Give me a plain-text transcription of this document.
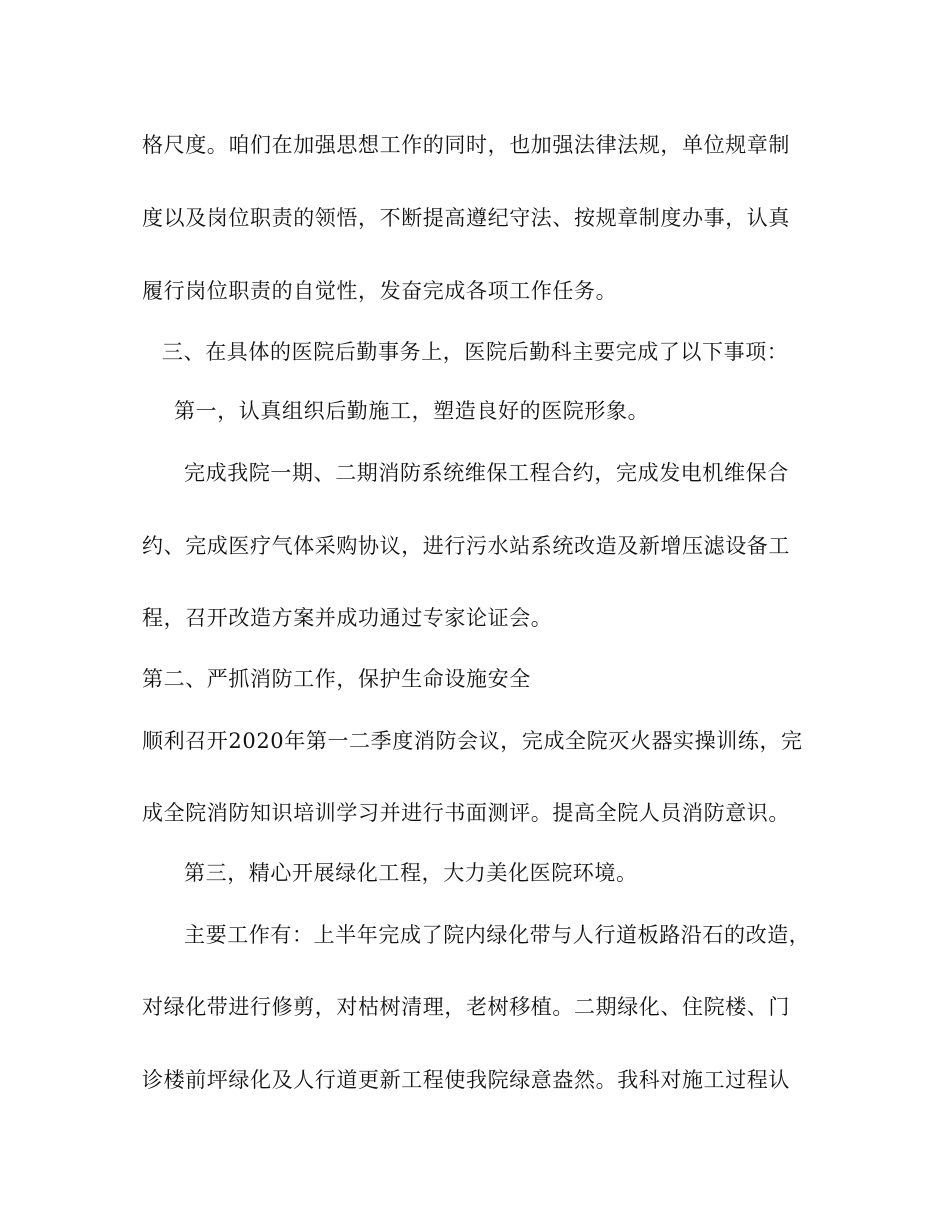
格尺度。咱们在加强思想工作的同时，也加强法律法规，单位规章制

度以及岗位职责的领悟，不断提高遵纪守法、按规章制度办事，认真

履行岗位职责的自觉性，发奋完成各项工作任务。

三、在具体的医院后勤事务上，医院后勤科主要完成了以下事项：

第一，认真组织后勤施工，塑造良好的医院形象。

完成我院一期、二期消防系统维保工程合约，完成发电机维保合

约、完成医疗气体采购协议，进行污水站系统改造及新增压滤设备工

程，召开改造方案并成功通过专家论证会。

第二、严抓消防工作，保护生命设施安全

顺利召开2020年第一二季度消防会议，完成全院灭火器实操训练，完

成全院消防知识培训学习并进行书面测评。提高全院人员消防意识。

第三，精心开展绿化工程，大力美化医院环境。

主要工作有：上半年完成了院内绿化带与人行道板路沿石的改造，

对绿化带进行修剪，对枯树清理，老树移植。二期绿化、住院楼、门

诊楼前坪绿化及人行道更新工程使我院绿意盎然。我科对施工过程认
